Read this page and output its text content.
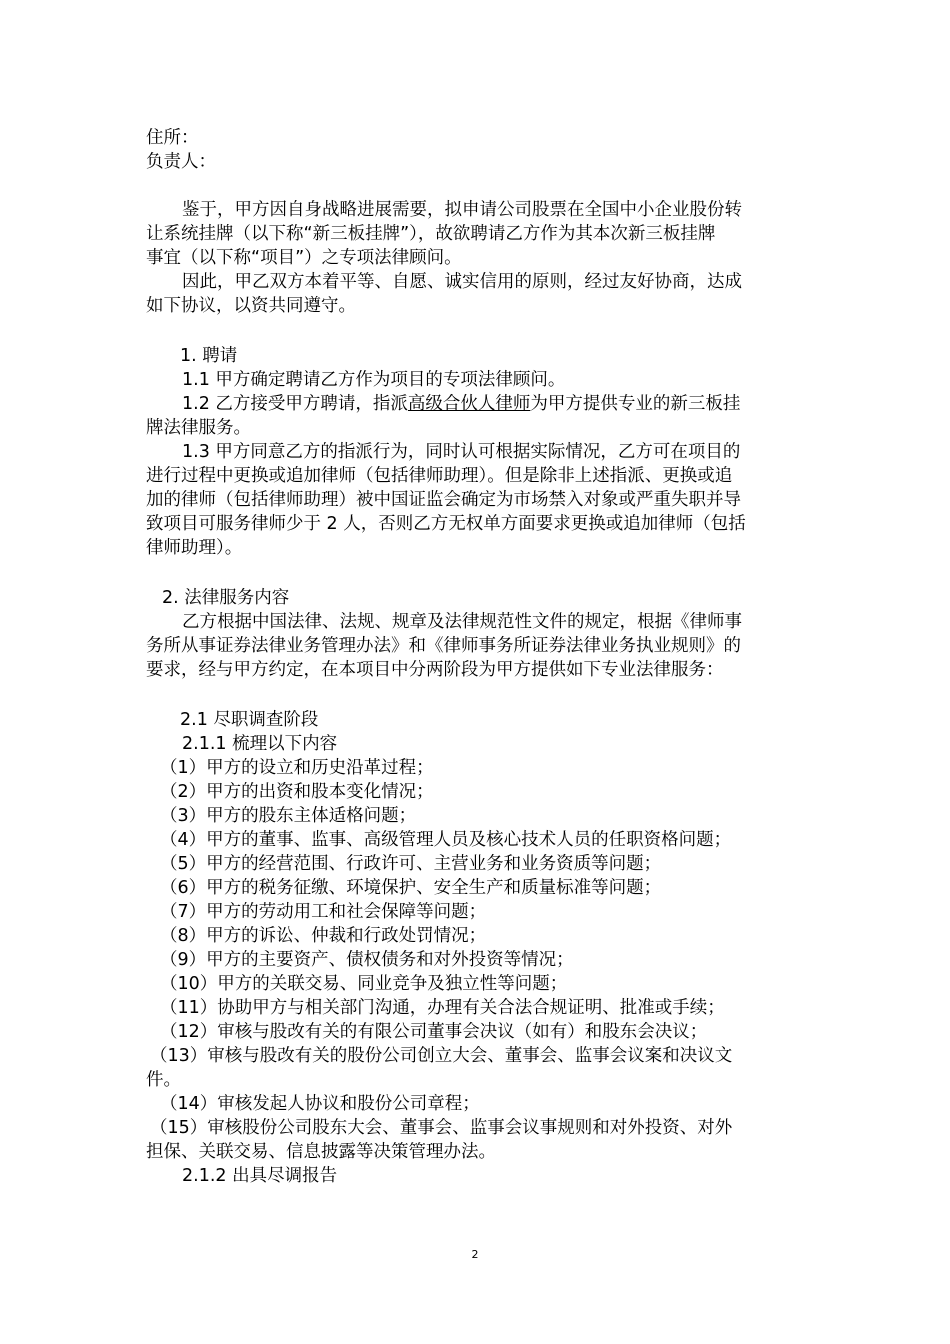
住所：
负责人：
鉴于，甲方因自身战略进展需要，拟申请公司股票在全国中小企业股份转
让系统挂牌（以下称“新三板挂牌”），故欲聘请乙方作为其本次新三板挂牌
事宜（以下称“项目”）之专项法律顾问。
因此，甲乙双方本着平等、自愿、诚实信用的原则，经过友好协商，达成
如下协议，以资共同遵守。
1. 聘请
1.1 甲方确定聘请乙方作为项目的专项法律顾问。
1.2 乙方接受甲方聘请，指派高级合伙人律师为甲方提供专业的新三板挂
牌法律服务。
1.3 甲方同意乙方的指派行为，同时认可根据实际情况，乙方可在项目的
进行过程中更换或追加律师（包括律师助理）。但是除非上述指派、更换或追
加的律师（包括律师助理）被中国证监会确定为市场禁入对象或严重失职并导
致项目可服务律师少于 2 人，否则乙方无权单方面要求更换或追加律师（包括
律师助理）。
2. 法律服务内容
乙方根据中国法律、法规、规章及法律规范性文件的规定，根据《律师事
务所从事证券法律业务管理办法》和《律师事务所证券法律业务执业规则》的
要求，经与甲方约定，在本项目中分两阶段为甲方提供如下专业法律服务：
2.1 尽职调查阶段
2.1.1 梳理以下内容
（1）甲方的设立和历史沿革过程；
（2）甲方的出资和股本变化情况；
（3）甲方的股东主体适格问题；
（4）甲方的董事、监事、高级管理人员及核心技术人员的任职资格问题；
（5）甲方的经营范围、行政许可、主营业务和业务资质等问题；
（6）甲方的税务征缴、环境保护、安全生产和质量标准等问题；
（7）甲方的劳动用工和社会保障等问题；
（8）甲方的诉讼、仲裁和行政处罚情况；
（9）甲方的主要资产、债权债务和对外投资等情况；
（10）甲方的关联交易、同业竞争及独立性等问题；
（11）协助甲方与相关部门沟通，办理有关合法合规证明、批准或手续；
（12）审核与股改有关的有限公司董事会决议（如有）和股东会决议；
（13）审核与股改有关的股份公司创立大会、董事会、监事会议案和决议文
件。
（14）审核发起人协议和股份公司章程；
（15）审核股份公司股东大会、董事会、监事会议事规则和对外投资、对外
担保、关联交易、信息披露等决策管理办法。
2.1.2 出具尽调报告
2
